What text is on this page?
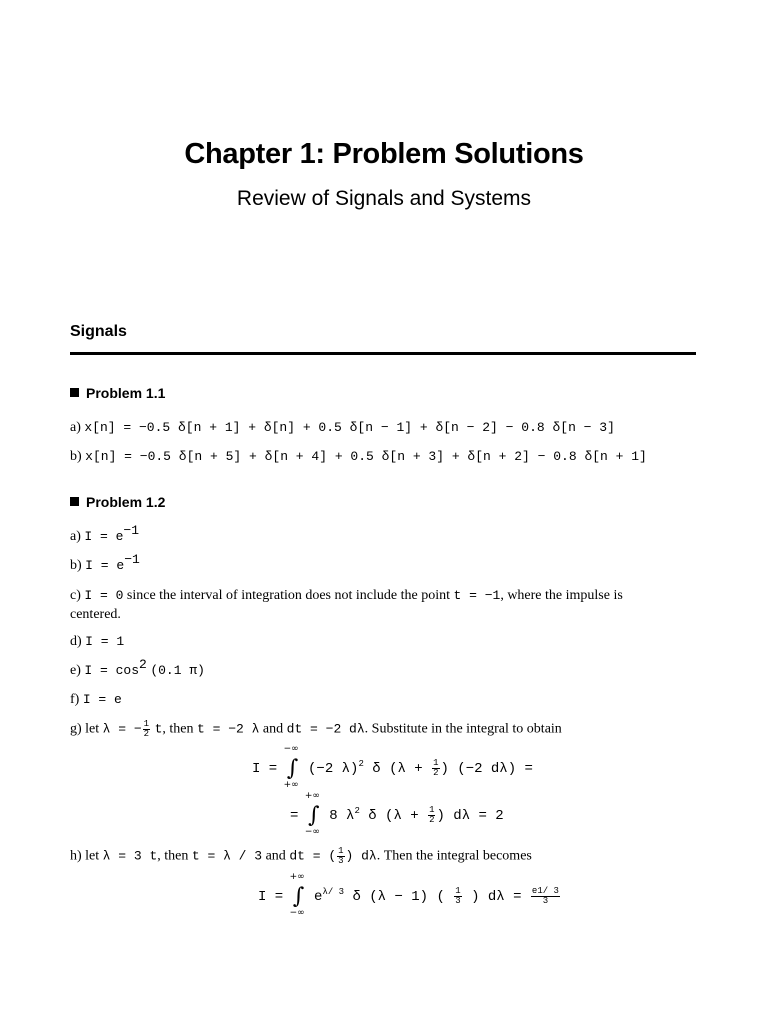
Chapter 1: Problem Solutions
Review of Signals and Systems
Signals
Problem 1.1
a) x[n] = −0.5 δ[n + 1] + δ[n] + 0.5 δ[n − 1] + δ[n − 2] − 0.8 δ[n − 3]
b) x[n] = −0.5 δ[n + 5] + δ[n + 4] + 0.5 δ[n + 3] + δ[n + 2] − 0.8 δ[n + 1]
Problem 1.2
a) $I = e^{-1}$
b) $I = e^{-1}$
c) I = 0 since the interval of integration does not include the point t = −1, where the impulse is centered.
d) I = 1
e) $I = \cos^2 (0.1$ π)
f) I = e
g) let λ = − $\frac{1}{2} t$, then t = −2 λ and dt = −2 dλ. Substitute in the integral to obtain
I = ∫
−∞
+∞
(−2 λ)$^2$ δ ($\lambda + \frac{1}{2}$ ) (−2 dλ) =
= ∫
+∞
−∞
8 $\lambda^2$ δ ($\lambda + \frac{1}{2}$ ) dλ = 2
h) let λ = 3 t, then t = λ / 3 and dt = ( $\frac{1}{3}$ ) dλ. Then the integral becomes
I = ∫
+∞
−∞
$e^{\lambda/ 3}$ δ (λ − 1) ( $\frac{1}{3}$ ) $d\lambda = \frac{e1/ 3}{3}$
